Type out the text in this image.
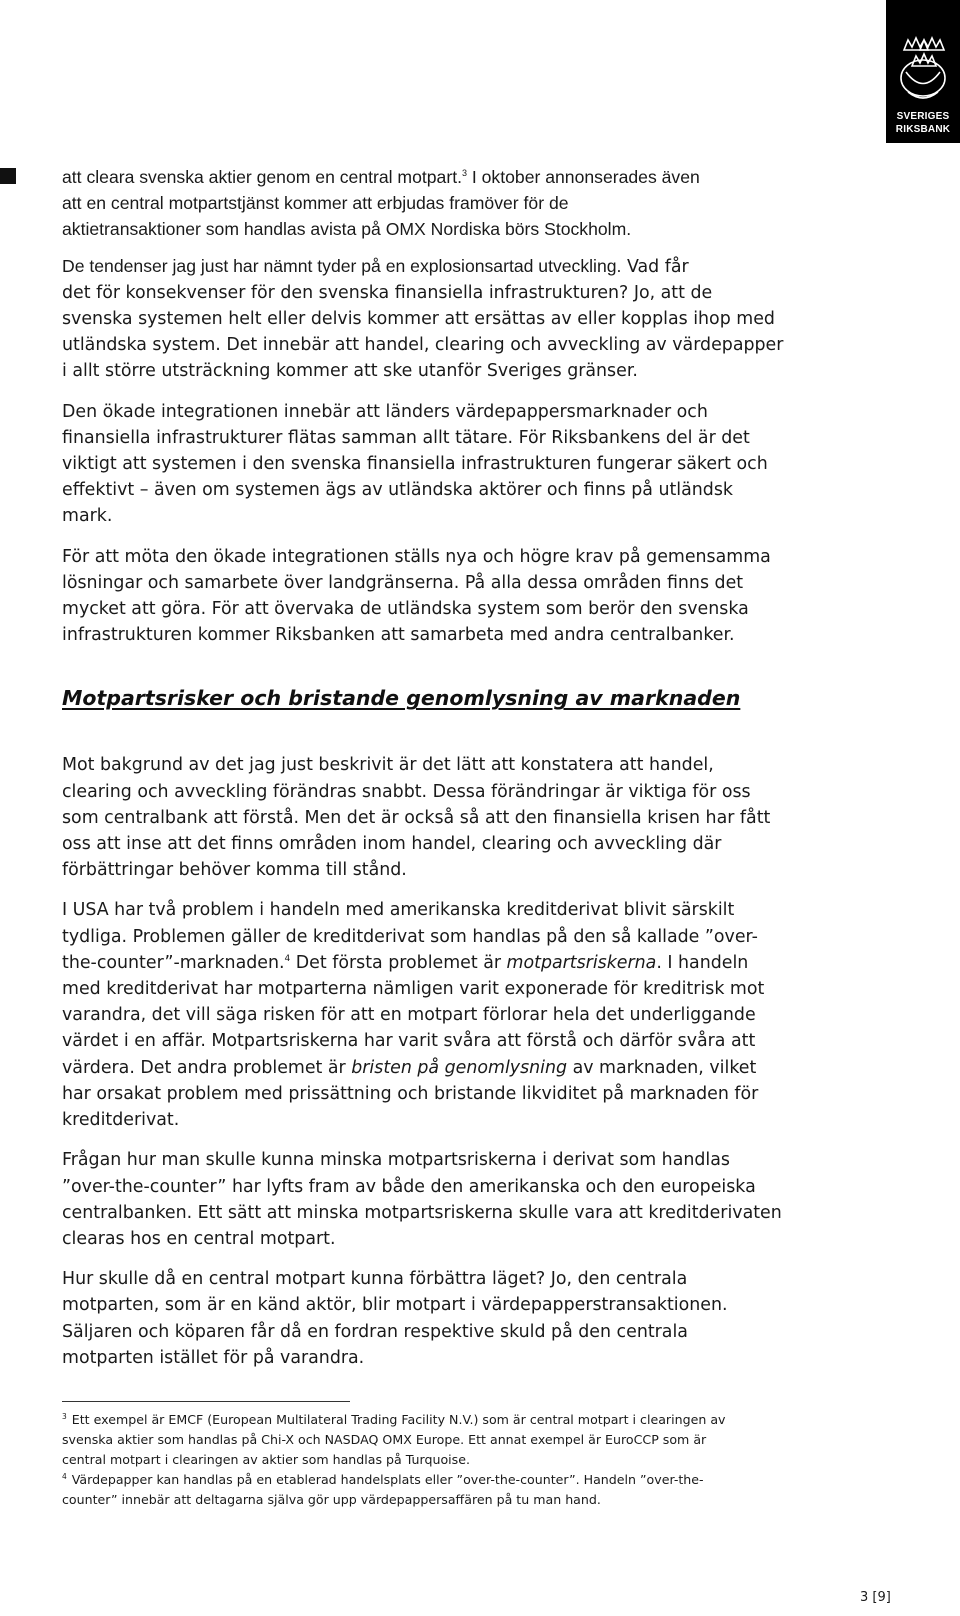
SVERIGES
RIKSBANK

att cleara svenska aktier genom en central motpart.$^3$ I oktober annonserades även
att en central motpartstjänst kommer att erbjudas framöver för de
aktietransaktioner som handlas avista på OMX Nordiska börs Stockholm.

De tendenser jag just har nämnt tyder på en explosionsartad utveckling. Vad får
det för konsekvenser för den svenska finansiella infrastrukturen? Jo, att de
svenska systemen helt eller delvis kommer att ersättas av eller kopplas ihop med
utländska system. Det innebär att handel, clearing och avveckling av värdepapper
i allt större utsträckning kommer att ske utanför Sveriges gränser.

Den ökade integrationen innebär att länders värdepappersmarknader och
finansiella infrastrukturer flätas samman allt tätare. För Riksbankens del är det
viktigt att systemen i den svenska finansiella infrastrukturen fungerar säkert och
effektivt – även om systemen ägs av utländska aktörer och finns på utländsk
mark.

För att möta den ökade integrationen ställs nya och högre krav på gemensamma
lösningar och samarbete över landgränserna. På alla dessa områden finns det
mycket att göra. För att övervaka de utländska system som berör den svenska
infrastrukturen kommer Riksbanken att samarbeta med andra centralbanker.

Motpartsrisker och bristande genomlysning av marknaden

Mot bakgrund av det jag just beskrivit är det lätt att konstatera att handel,
clearing och avveckling förändras snabbt. Dessa förändringar är viktiga för oss
som centralbank att förstå. Men det är också så att den finansiella krisen har fått
oss att inse att det finns områden inom handel, clearing och avveckling där
förbättringar behöver komma till stånd.

I USA har två problem i handeln med amerikanska kreditderivat blivit särskilt
tydliga. Problemen gäller de kreditderivat som handlas på den så kallade ”over-
the-counter”-marknaden.$^4$ Det första problemet är motpartsriskerna. I handeln
med kreditderivat har motparterna nämligen varit exponerade för kreditrisk mot
varandra, det vill säga risken för att en motpart förlorar hela det underliggande
värdet i en affär. Motpartsriskerna har varit svåra att förstå och därför svåra att
värdera. Det andra problemet är bristen på genomlysning av marknaden, vilket
har orsakat problem med prissättning och bristande likviditet på marknaden för
kreditderivat.

Frågan hur man skulle kunna minska motpartsriskerna i derivat som handlas
”over-the-counter” har lyfts fram av både den amerikanska och den europeiska
centralbanken. Ett sätt att minska motpartsriskerna skulle vara att kreditderivaten
clearas hos en central motpart.

Hur skulle då en central motpart kunna förbättra läget? Jo, den centrala
motparten, som är en känd aktör, blir motpart i värdepapperstransaktionen.
Säljaren och köparen får då en fordran respektive skuld på den centrala
motparten istället för på varandra.

$^3$ Ett exempel är EMCF (European Multilateral Trading Facility N.V.) som är central motpart i clearingen av
svenska aktier som handlas på Chi-X och NASDAQ OMX Europe. Ett annat exempel är EuroCCP som är
central motpart i clearingen av aktier som handlas på Turquoise.

$^4$ Värdepapper kan handlas på en etablerad handelsplats eller ”over-the-counter”. Handeln ”over-the-
counter” innebär att deltagarna själva gör upp värdepappersaffären på tu man hand.

3 [9]
